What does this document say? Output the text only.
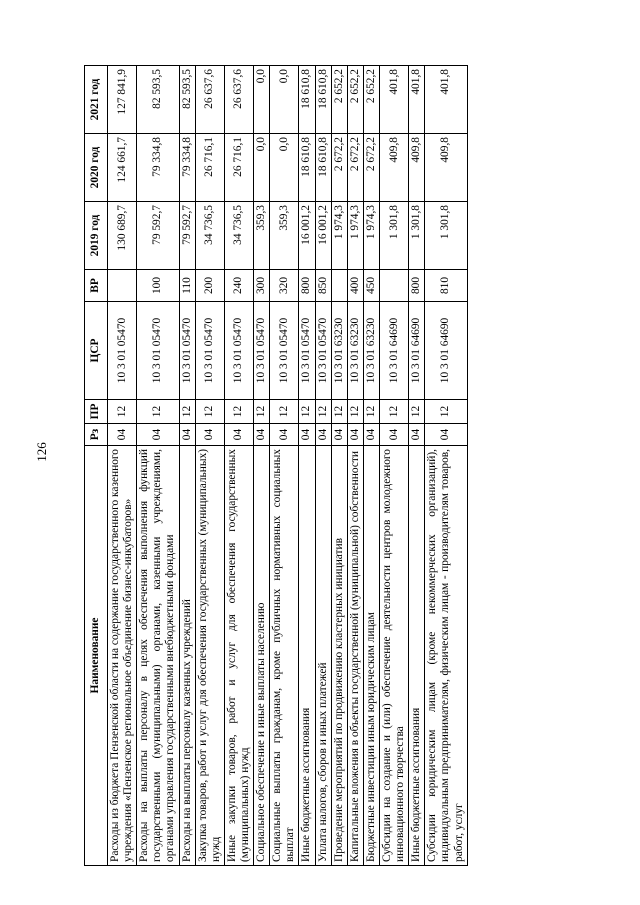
126
Наименование	Рз	ПР	ЦСР	ВР	2019 год	2020 год	2021 год
Расходы из бюджета Пензенской области на содержание государственного казенного учреждения «Пензенское региональное объединение бизнес-инкубаторов»	04	12	10 3 01 05470		130 689,7	124 661,7	127 841,9
Расходы на выплаты персоналу в целях обеспечения выполнения функций государственными (муниципальными) органами, казенными учреждениями, органами управления государственными внебюджетными фондами	04	12	10 3 01 05470	100	79 592,7	79 334,8	82 593,5
Расходы на выплаты персоналу казенных учреждений	04	12	10 3 01 05470	110	79 592,7	79 334,8	82 593,5
Закупка товаров, работ и услуг для обеспечения государственных (муниципальных) нужд	04	12	10 3 01 05470	200	34 736,5	26 716,1	26 637,6
Иные закупки товаров, работ и услуг для обеспечения государственных (муниципальных) нужд	04	12	10 3 01 05470	240	34 736,5	26 716,1	26 637,6
Социальное обеспечение и иные выплаты населению	04	12	10 3 01 05470	300	359,3	0,0	0,0
Социальные выплаты гражданам, кроме публичных нормативных социальных выплат	04	12	10 3 01 05470	320	359,3	0,0	0,0
Иные бюджетные ассигнования	04	12	10 3 01 05470	800	16 001,2	18 610,8	18 610,8
Уплата налогов, сборов и иных платежей	04	12	10 3 01 05470	850	16 001,2	18 610,8	18 610,8
Проведение мероприятий по продвижению кластерных инициатив	04	12	10 3 01 63230		1 974,3	2 672,2	2 652,2
Капитальные вложения в объекты государственной (муниципальной) собственности	04	12	10 3 01 63230	400	1 974,3	2 672,2	2 652,2
Бюджетные инвестиции иным юридическим лицам	04	12	10 3 01 63230	450	1 974,3	2 672,2	2 652,2
Субсидии на создание и (или) обеспечение деятельности центров молодежного инновационного творчества	04	12	10 3 01 64690		1 301,8	409,8	401,8
Иные бюджетные ассигнования	04	12	10 3 01 64690	800	1 301,8	409,8	401,8
Субсидии юридическим лицам (кроме некоммерческих организаций), индивидуальным предпринимателям, физическим лицам - производителям товаров, работ, услуг	04	12	10 3 01 64690	810	1 301,8	409,8	401,8
